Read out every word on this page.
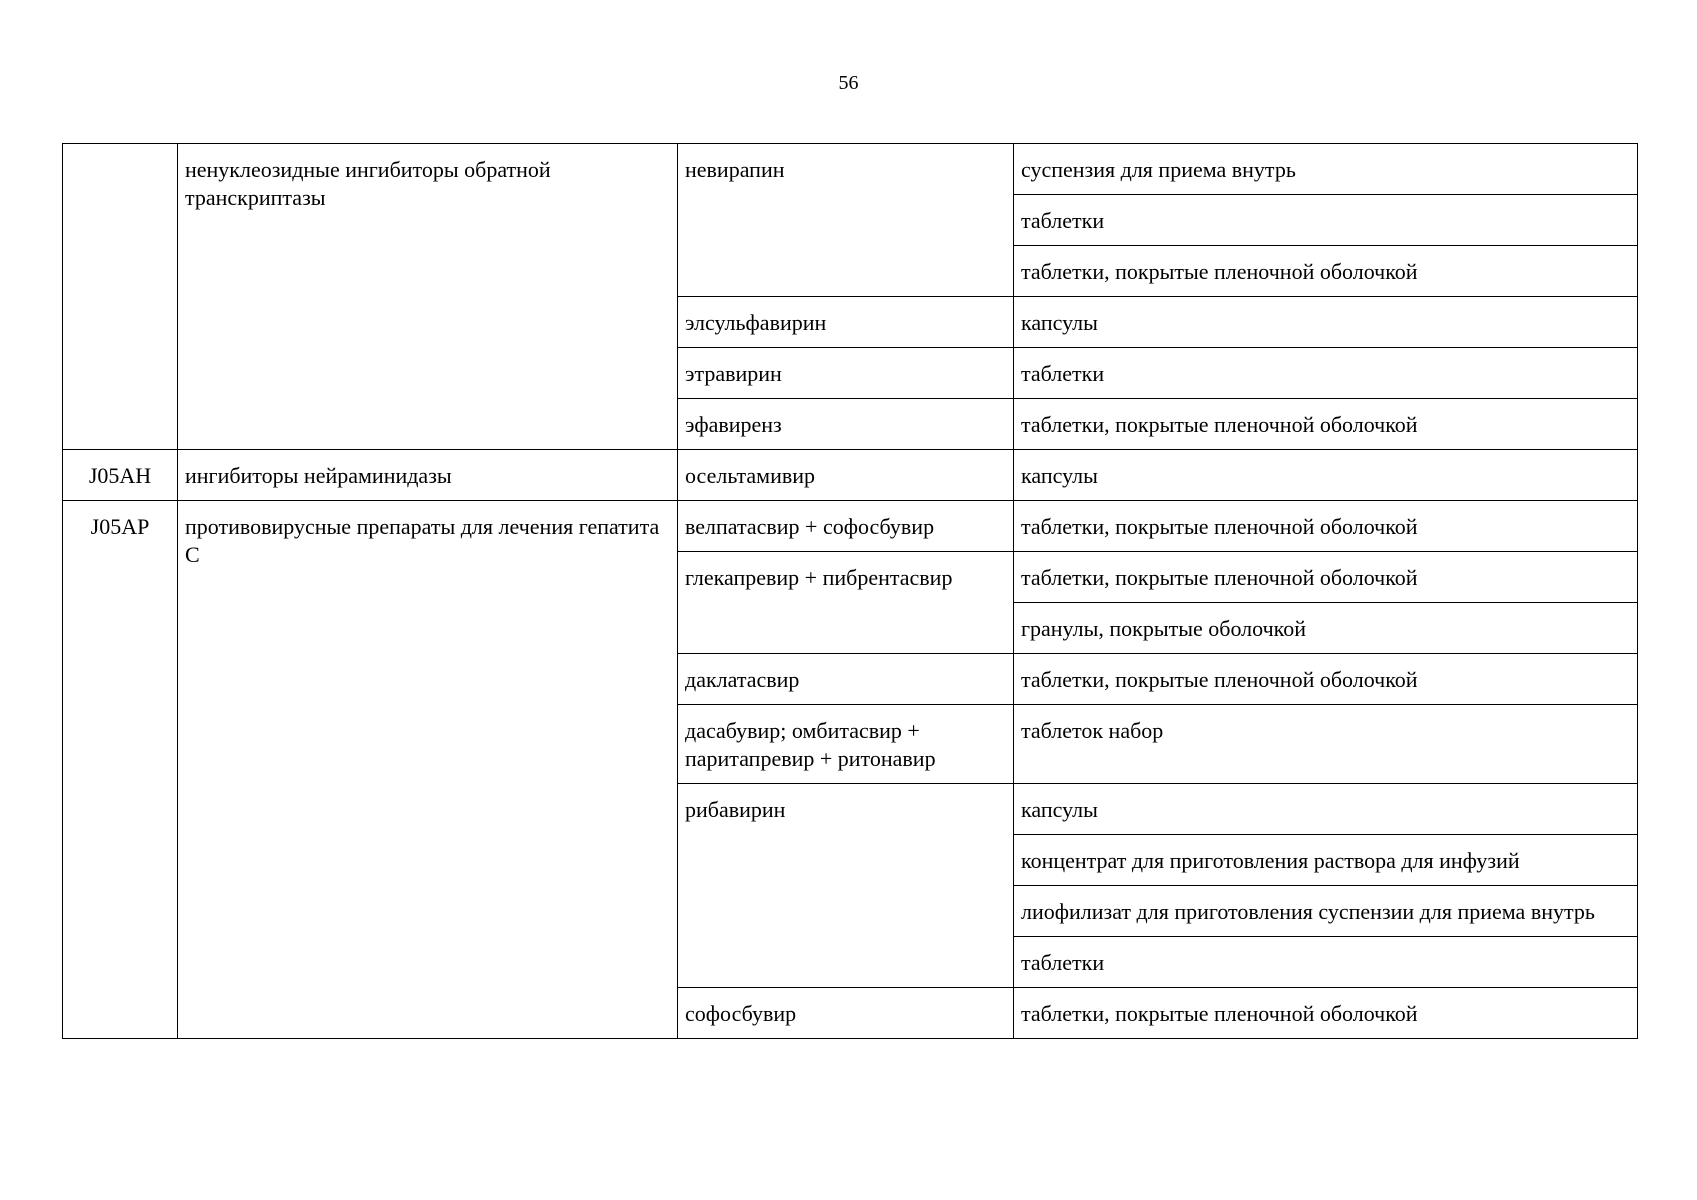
56
	ненуклеозидные ингибиторы обратной транскриптазы	невирапин	суспензия для приема внутрь
			таблетки
			таблетки, покрытые пленочной оболочкой
		элсульфавирин	капсулы
		этравирин	таблетки
		эфавиренз	таблетки, покрытые пленочной оболочкой
J05AH	ингибиторы нейраминидазы	осельтамивир	капсулы
J05AP	противовирусные препараты для лечения гепатита С	велпатасвир + софосбувир	таблетки, покрытые пленочной оболочкой
		глекапревир + пибрентасвир	таблетки, покрытые пленочной оболочкой
			гранулы, покрытые оболочкой
		даклатасвир	таблетки, покрытые пленочной оболочкой
		дасабувир; омбитасвир + паритапревир + ритонавир	таблеток набор
		рибавирин	капсулы
			концентрат для приготовления раствора для инфузий
			лиофилизат для приготовления суспензии для приема внутрь
			таблетки
		софосбувир	таблетки, покрытые пленочной оболочкой
